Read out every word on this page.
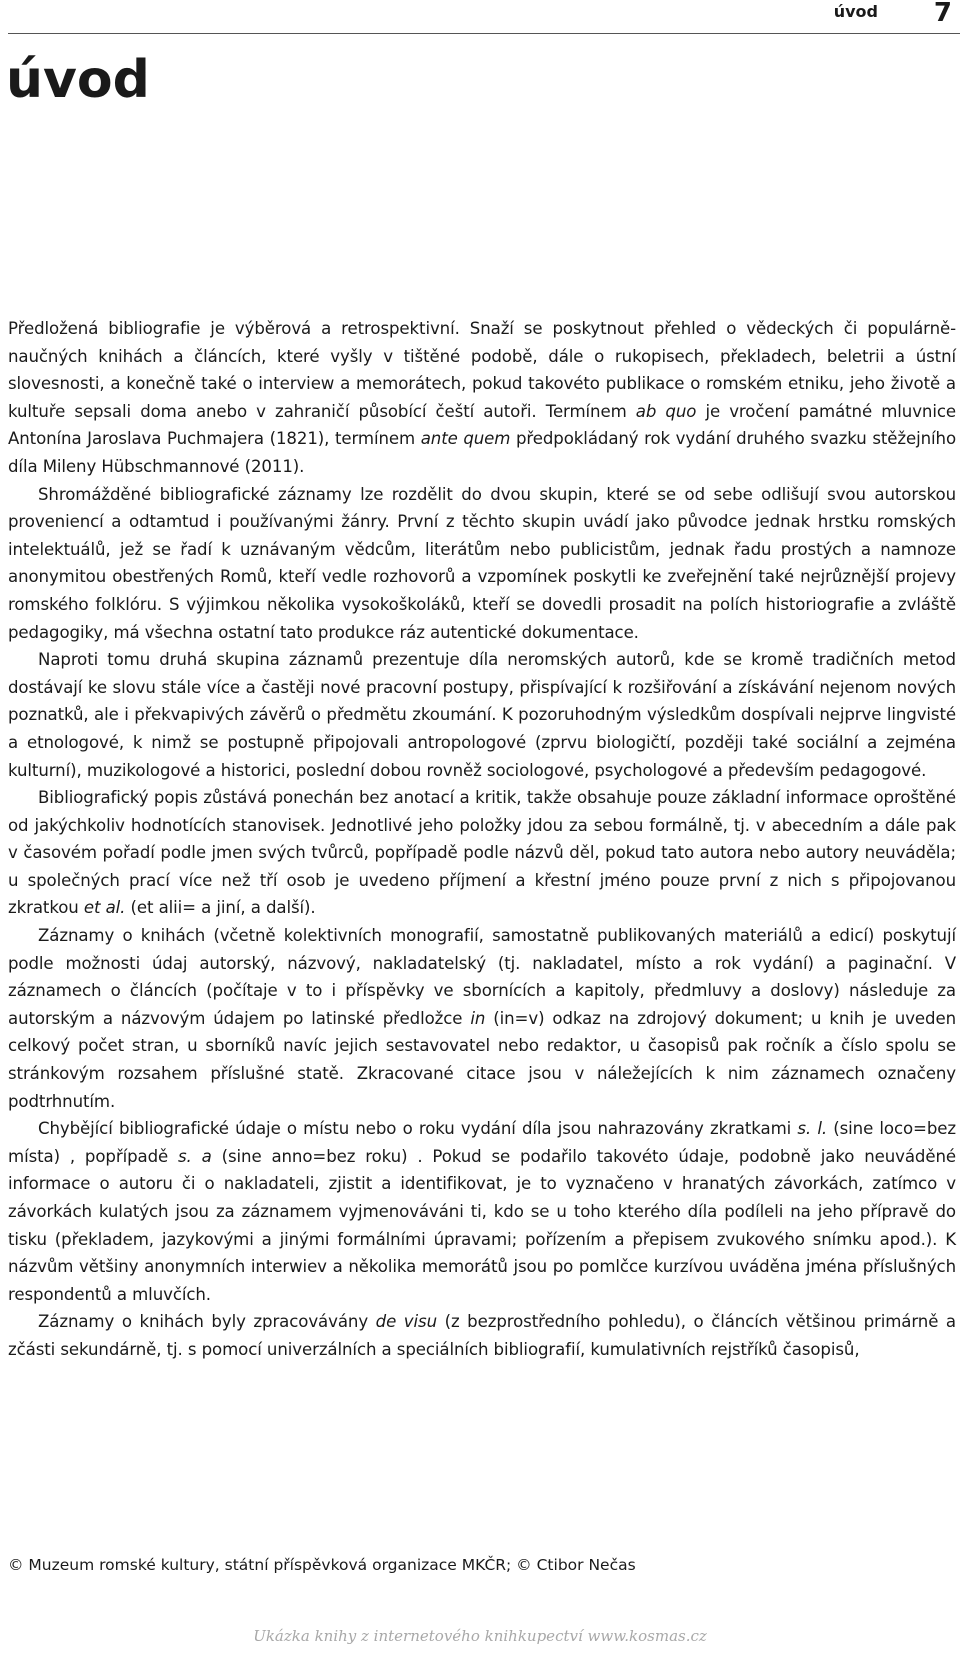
úvod 7
úvod

Předložená bibliografie je výběrová a retrospektivní. Snaží se poskytnout přehled o vědeckých či populárně-naučných knihách a článcích, které vyšly v tištěné podobě, dále o rukopisech, překladech, beletrii a ústní slovesnosti, a konečně také o interview a memorátech, pokud takovéto publikace o romském etniku, jeho životě a kultuře sepsali doma anebo v zahraničí působící čeští autoři. Termínem ab quo je vročení památné mluvnice Antonína Jaroslava Puchmajera (1821), termínem ante quem předpokládaný rok vydání druhého svazku stěžejního díla Mileny Hübschmannové (2011).

Shromážděné bibliografické záznamy lze rozdělit do dvou skupin, které se od sebe odlišují svou autorskou proveniencí a odtamtud i používanými žánry. První z těchto skupin uvádí jako původce jednak hrstku romských intelektuálů, jež se řadí k uznávaným vědcům, literátům nebo publicistům, jednak řadu prostých a namnoze anonymitou obestřených Romů, kteří vedle rozhovorů a vzpomínek poskytli ke zveřejnění také nejrůznější projevy romského folklóru. S výjimkou několika vysokoškoláků, kteří se dovedli prosadit na polích historiografie a zvláště pedagogiky, má všechna ostatní tato produkce ráz autentické dokumentace.

Naproti tomu druhá skupina záznamů prezentuje díla neromských autorů, kde se kromě tradičních metod dostávají ke slovu stále více a častěji nové pracovní postupy, přispívající k rozšiřování a získávání nejenom nových poznatků, ale i překvapivých závěrů o předmětu zkoumání. K pozoruhodným výsledkům dospívali nejprve lingvisté a etnologové, k nimž se postupně připojovali antropologové (zprvu biologičtí, později také sociální a zejména kulturní), muzikologové a historici, poslední dobou rovněž sociologové, psychologové a především pedagogové.

Bibliografický popis zůstává ponechán bez anotací a kritik, takže obsahuje pouze základní informace oproštěné od jakýchkoliv hodnotících stanovisek. Jednotlivé jeho položky jdou za sebou formálně, tj. v abecedním a dále pak v časovém pořadí podle jmen svých tvůrců, popřípadě podle názvů děl, pokud tato autora nebo autory neuváděla; u společných prací více než tří osob je uvedeno příjmení a křestní jméno pouze první z nich s připojovanou zkratkou et al. (et alii= a jiní, a další).

Záznamy o knihách (včetně kolektivních monografií, samostatně publikovaných materiálů a edicí) poskytují podle možnosti údaj autorský, názvový, nakladatelský (tj. nakladatel, místo a rok vydání) a paginační. V záznamech o článcích (počítaje v to i příspěvky ve sbornících a kapitoly, předmluvy a doslovy) následuje za autorským a názvovým údajem po latinské předložce in (in=v) odkaz na zdrojový dokument; u knih je uveden celkový počet stran, u sborníků navíc jejich sestavovatel nebo redaktor, u časopisů pak ročník a číslo spolu se stránkovým rozsahem příslušné statě. Zkracované citace jsou v náležejících k nim záznamech označeny podtrhnutím.

Chybějící bibliografické údaje o místu nebo o roku vydání díla jsou nahrazovány zkratkami s. l. (sine loco=bez místa) , popřípadě s. a (sine anno=bez roku) . Pokud se podařilo takovéto údaje, podobně jako neuváděné informace o autoru či o nakladateli, zjistit a identifikovat, je to vyznačeno v hranatých závorkách, zatímco v závorkách kulatých jsou za záznamem vyjmenováváni ti, kdo se u toho kterého díla podíleli na jeho přípravě do tisku (překladem, jazykovými a jinými formálními úpravami; pořízením a přepisem zvukového snímku apod.). K názvům většiny anonymních interwiev a několika memorátů jsou po pomlčce kurzívou uváděna jména příslušných respondentů a mluvčích.

Záznamy o knihách byly zpracovávány de visu (z bezprostředního pohledu), o článcích většinou primárně a zčásti sekundárně, tj. s pomocí univerzálních a speciálních bibliografií, kumulativních rejstříků časopisů,

© Muzeum romské kultury, státní příspěvková organizace MKČR; © Ctibor Nečas
Ukázka knihy z internetového knihkupectví www.kosmas.cz
